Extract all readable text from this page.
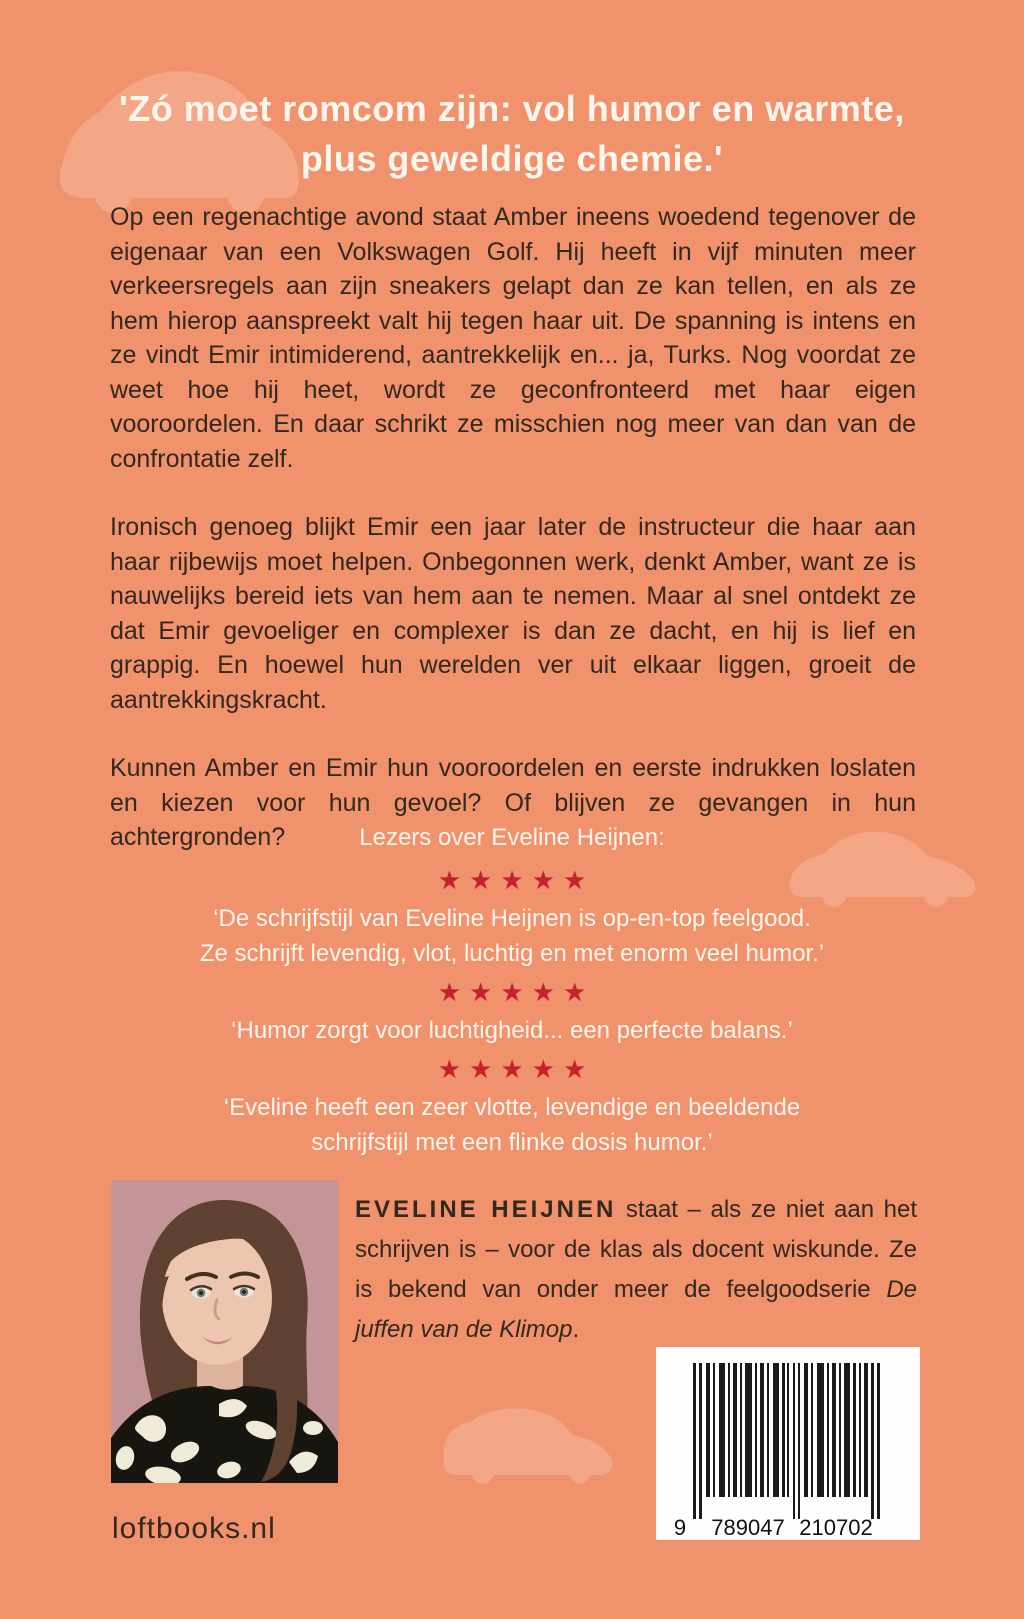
'Zó moet romcom zijn: vol humor en warmte,
plus geweldige chemie.'

Op een regenachtige avond staat Amber ineens woedend tegenover de eigenaar van een Volkswagen Golf. Hij heeft in vijf minuten meer verkeersregels aan zijn sneakers gelapt dan ze kan tellen, en als ze hem hierop aanspreekt valt hij tegen haar uit. De spanning is intens en ze vindt Emir intimiderend, aantrekkelijk en... ja, Turks. Nog voordat ze weet hoe hij heet, wordt ze geconfronteerd met haar eigen vooroordelen. En daar schrikt ze misschien nog meer van dan van de confrontatie zelf.

Ironisch genoeg blijkt Emir een jaar later de instructeur die haar aan haar rijbewijs moet helpen. Onbegonnen werk, denkt Amber, want ze is nauwelijks bereid iets van hem aan te nemen. Maar al snel ontdekt ze dat Emir gevoeliger en complexer is dan ze dacht, en hij is lief en grappig. En hoewel hun werelden ver uit elkaar liggen, groeit de aantrekkingskracht.

Kunnen Amber en Emir hun vooroordelen en eerste indrukken loslaten en kiezen voor hun gevoel? Of blijven ze gevangen in hun achtergronden?	Lezers over Eveline Heijnen:
★★★★★
‘De schrijfstijl van Eveline Heijnen is op-en-top feelgood.
Ze schrijft levendig, vlot, luchtig en met enorm veel humor.’
★★★★★
‘Humor zorgt voor luchtigheid... een perfecte balans.’
★★★★★
‘Eveline heeft een zeer vlotte, levendige en beeldende
schrijfstijl met een flinke dosis humor.’

EVELINE HEIJNEN staat – als ze niet aan het schrijven is – voor de klas als docent wiskunde. Ze is bekend van onder meer de feelgoodserie De juffen van de Klimop.

9 789047 210702
loftbooks.nl
